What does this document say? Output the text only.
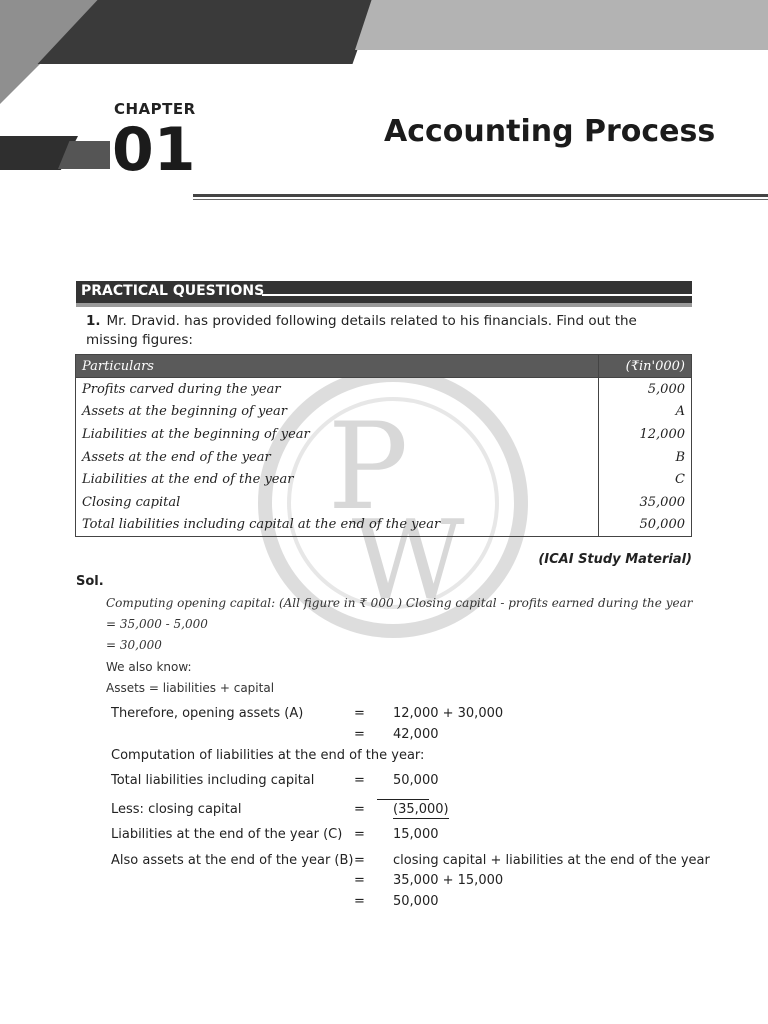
CHAPTER
01	Accounting Process
P
W
PRACTICAL QUESTIONS
1. Mr. Dravid. has provided following details related to his financials. Find out the missing figures:
Particulars	(₹in'000)
Profits carved during the year	5,000
Assets at the beginning of year	A
Liabilities at the beginning of year	12,000
Assets at the end of the year	B
Liabilities at the end of the year	C
Closing capital	35,000
Total liabilities including capital at the end of the year	50,000
(ICAI Study Material)
Sol.
Computing opening capital: (All figure in ₹ 000 ) Closing capital - profits earned during the year
= 35,000 - 5,000
= 30,000
We also know:
Assets = liabilities + capital
Therefore, opening assets (A)	= 12,000 + 30,000
= 42,000
Computation of liabilities at the end of the year:
Total liabilities including capital	= 50,000
Less: closing capital	= (35,000)
Liabilities at the end of the year (C) = 15,000
Also assets at the end of the year (B) = closing capital + liabilities at the end of the year
= 35,000 + 15,000
= 50,000
